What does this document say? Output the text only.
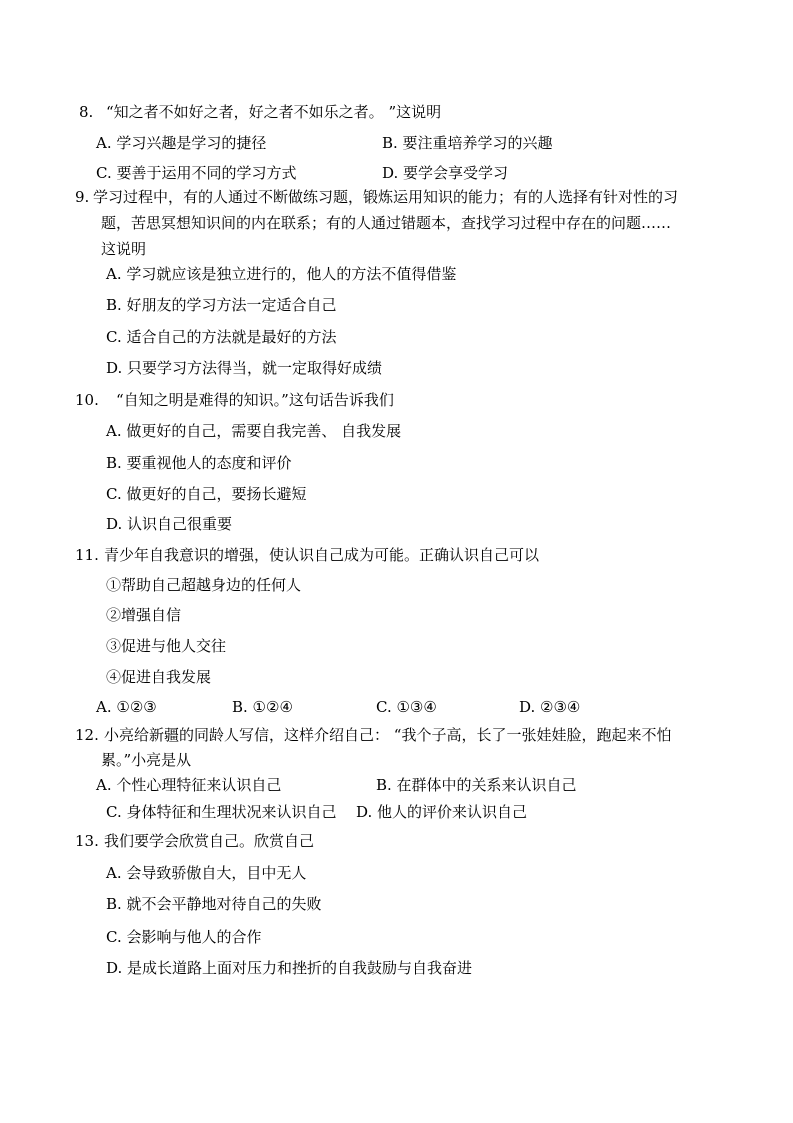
8. “知之者不如好之者，好之者不如乐之者。 ”这说明
A. 学习兴趣是学习的捷径	B. 要注重培养学习的兴趣
C. 要善于运用不同的学习方式	D. 要学会享受学习
9. 学习过程中，有的人通过不断做练习题，锻炼运用知识的能力；有的人选择有针对性的习
题，苦思冥想知识间的内在联系；有的人通过错题本，查找学习过程中存在的问题……
这说明
A. 学习就应该是独立进行的，他人的方法不值得借鉴
B. 好朋友的学习方法一定适合自己
C. 适合自己的方法就是最好的方法
D. 只要学习方法得当，就一定取得好成绩
10. “自知之明是难得的知识。”这句话告诉我们
A. 做更好的自己，需要自我完善、 自我发展
B. 要重视他人的态度和评价
C. 做更好的自己，要扬长避短
D. 认识自己很重要
11. 青少年自我意识的增强，使认识自己成为可能。正确认识自己可以
①帮助自己超越身边的任何人
②增强自信
③促进与他人交往
④促进自我发展
A. ①②③	B. ①②④	C. ①③④	D. ②③④
12. 小亮给新疆的同龄人写信，这样介绍自己： “我个子高，长了一张娃娃脸，跑起来不怕
累。”小亮是从
A. 个性心理特征来认识自己	B. 在群体中的关系来认识自己
C. 身体特征和生理状况来认识自己 D. 他人的评价来认识自己
13. 我们要学会欣赏自己。欣赏自己
A. 会导致骄傲自大，目中无人
B. 就不会平静地对待自己的失败
C. 会影响与他人的合作
D. 是成长道路上面对压力和挫折的自我鼓励与自我奋进
